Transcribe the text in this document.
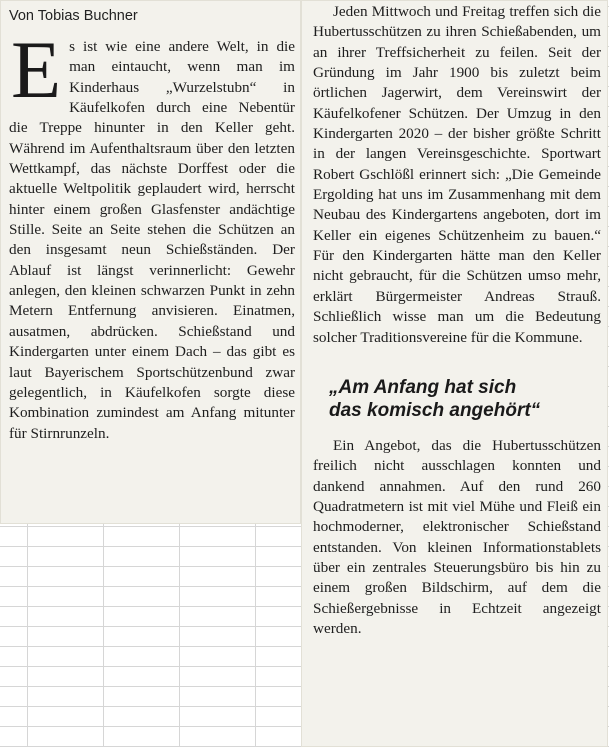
Von Tobias Buchner

Es ist wie eine andere Welt, in die man eintaucht, wenn man im Kinderhaus „Wurzelstubn“ in Käufelkofen durch eine Nebentür die Treppe hinunter in den Keller geht. Während im Aufenthaltsraum über den letzten Wettkampf, das nächste Dorffest oder die aktuelle Weltpolitik geplaudert wird, herrscht hinter einem großen Glasfenster andächtige Stille. Seite an Seite stehen die Schützen an den insgesamt neun Schießständen. Der Ablauf ist längst verinnerlicht: Gewehr anlegen, den kleinen schwarzen Punkt in zehn Metern Entfernung anvisieren. Einatmen, ausatmen, abdrücken. Schießstand und Kindergarten unter einem Dach – das gibt es laut Bayerischem Sportschützenbund zwar gelegentlich, in Käufelkofen sorgte diese Kombination zumindest am Anfang mitunter für Stirnrunzeln.

Jeden Mittwoch und Freitag treffen sich die Hubertusschützen zu ihren Schießabenden, um an ihrer Treffsicherheit zu feilen. Seit der Gründung im Jahr 1900 bis zuletzt beim örtlichen Jagerwirt, dem Vereinswirt der Käufelkofener Schützen. Der Umzug in den Kindergarten 2020 – der bisher größte Schritt in der langen Vereinsgeschichte. Sportwart Robert Gschlößl erinnert sich: „Die Gemeinde Ergolding hat uns im Zusammenhang mit dem Neubau des Kindergartens angeboten, dort im Keller ein eigenes Schützenheim zu bauen.“ Für den Kindergarten hätte man den Keller nicht gebraucht, für die Schützen umso mehr, erklärt Bürgermeister Andreas Strauß. Schließlich wisse man um die Bedeutung solcher Traditionsvereine für die Kommune.

„Am Anfang hat sich
das komisch angehört“

Ein Angebot, das die Hubertusschützen freilich nicht ausschlagen konnten und dankend annahmen. Auf den rund 260 Quadratmetern ist mit viel Mühe und Fleiß ein hochmoderner, elektronischer Schießstand entstanden. Von kleinen Informationstablets über ein zentrales Steuerungsbüro bis hin zu einem großen Bildschirm, auf dem die Schießergebnisse in Echtzeit angezeigt werden.
